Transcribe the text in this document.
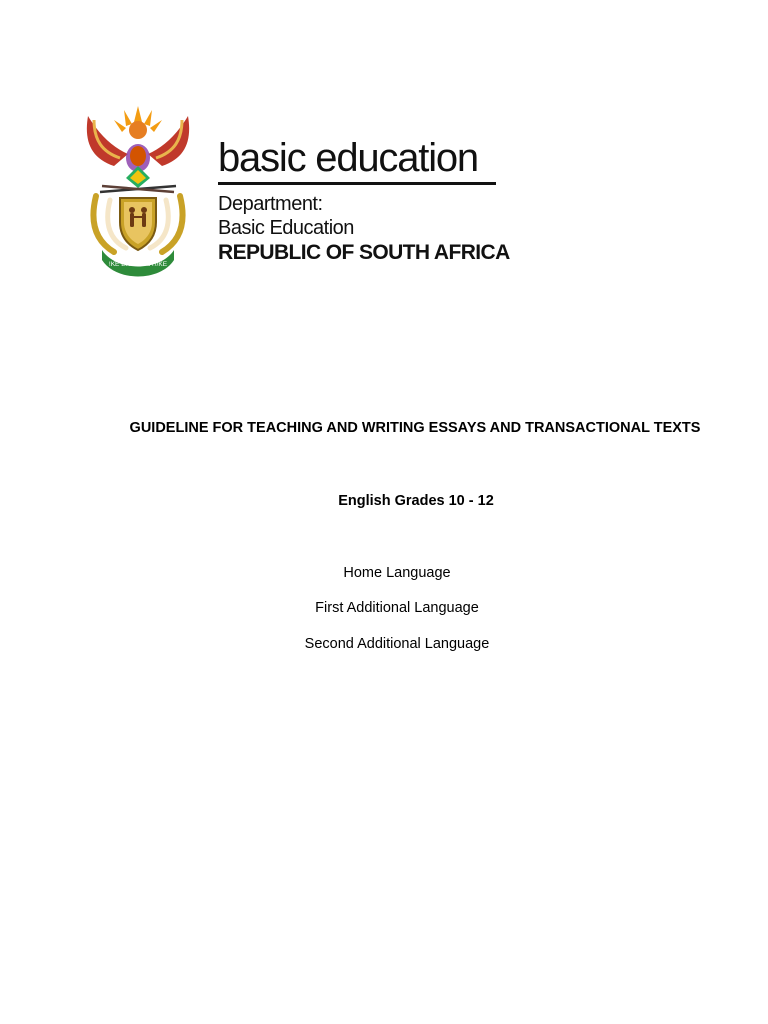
!KE E: /XARRA //KE
basic education
Department:
Basic Education
REPUBLIC OF SOUTH AFRICA
GUIDELINE FOR TEACHING AND WRITING ESSAYS AND TRANSACTIONAL TEXTS
English Grades 10 - 12
Home Language
First Additional Language
Second Additional Language
